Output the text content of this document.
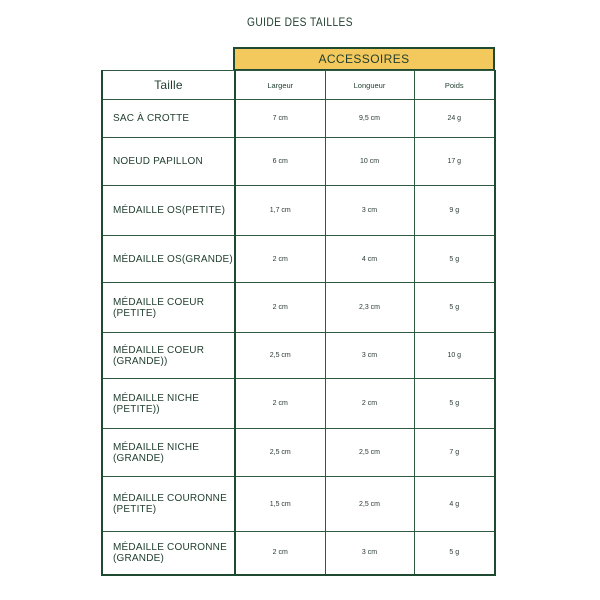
GUIDE DES TAILLES
ACCESSOIRES
Taille	Largeur	Longueur	Poids
SAC À CROTTE	7 cm	9,5 cm	24 g
NOEUD PAPILLON	6 cm	10 cm	17 g
MÉDAILLE OS(PETITE)	1,7 cm	3 cm	9 g
MÉDAILLE OS(GRANDE)	2 cm	4 cm	5 g
MÉDAILLE COEUR (PETITE)	2 cm	2,3 cm	5 g
MÉDAILLE COEUR (GRANDE))	2,5 cm	3 cm	10 g
MÉDAILLE NICHE (PETITE))	2 cm	2 cm	5 g
MÉDAILLE NICHE (GRANDE)	2,5 cm	2,5 cm	7 g
MÉDAILLE COURONNE (PETITE)	1,5 cm	2,5 cm	4 g
MÉDAILLE COURONNE (GRANDE)	2 cm	3 cm	5 g
